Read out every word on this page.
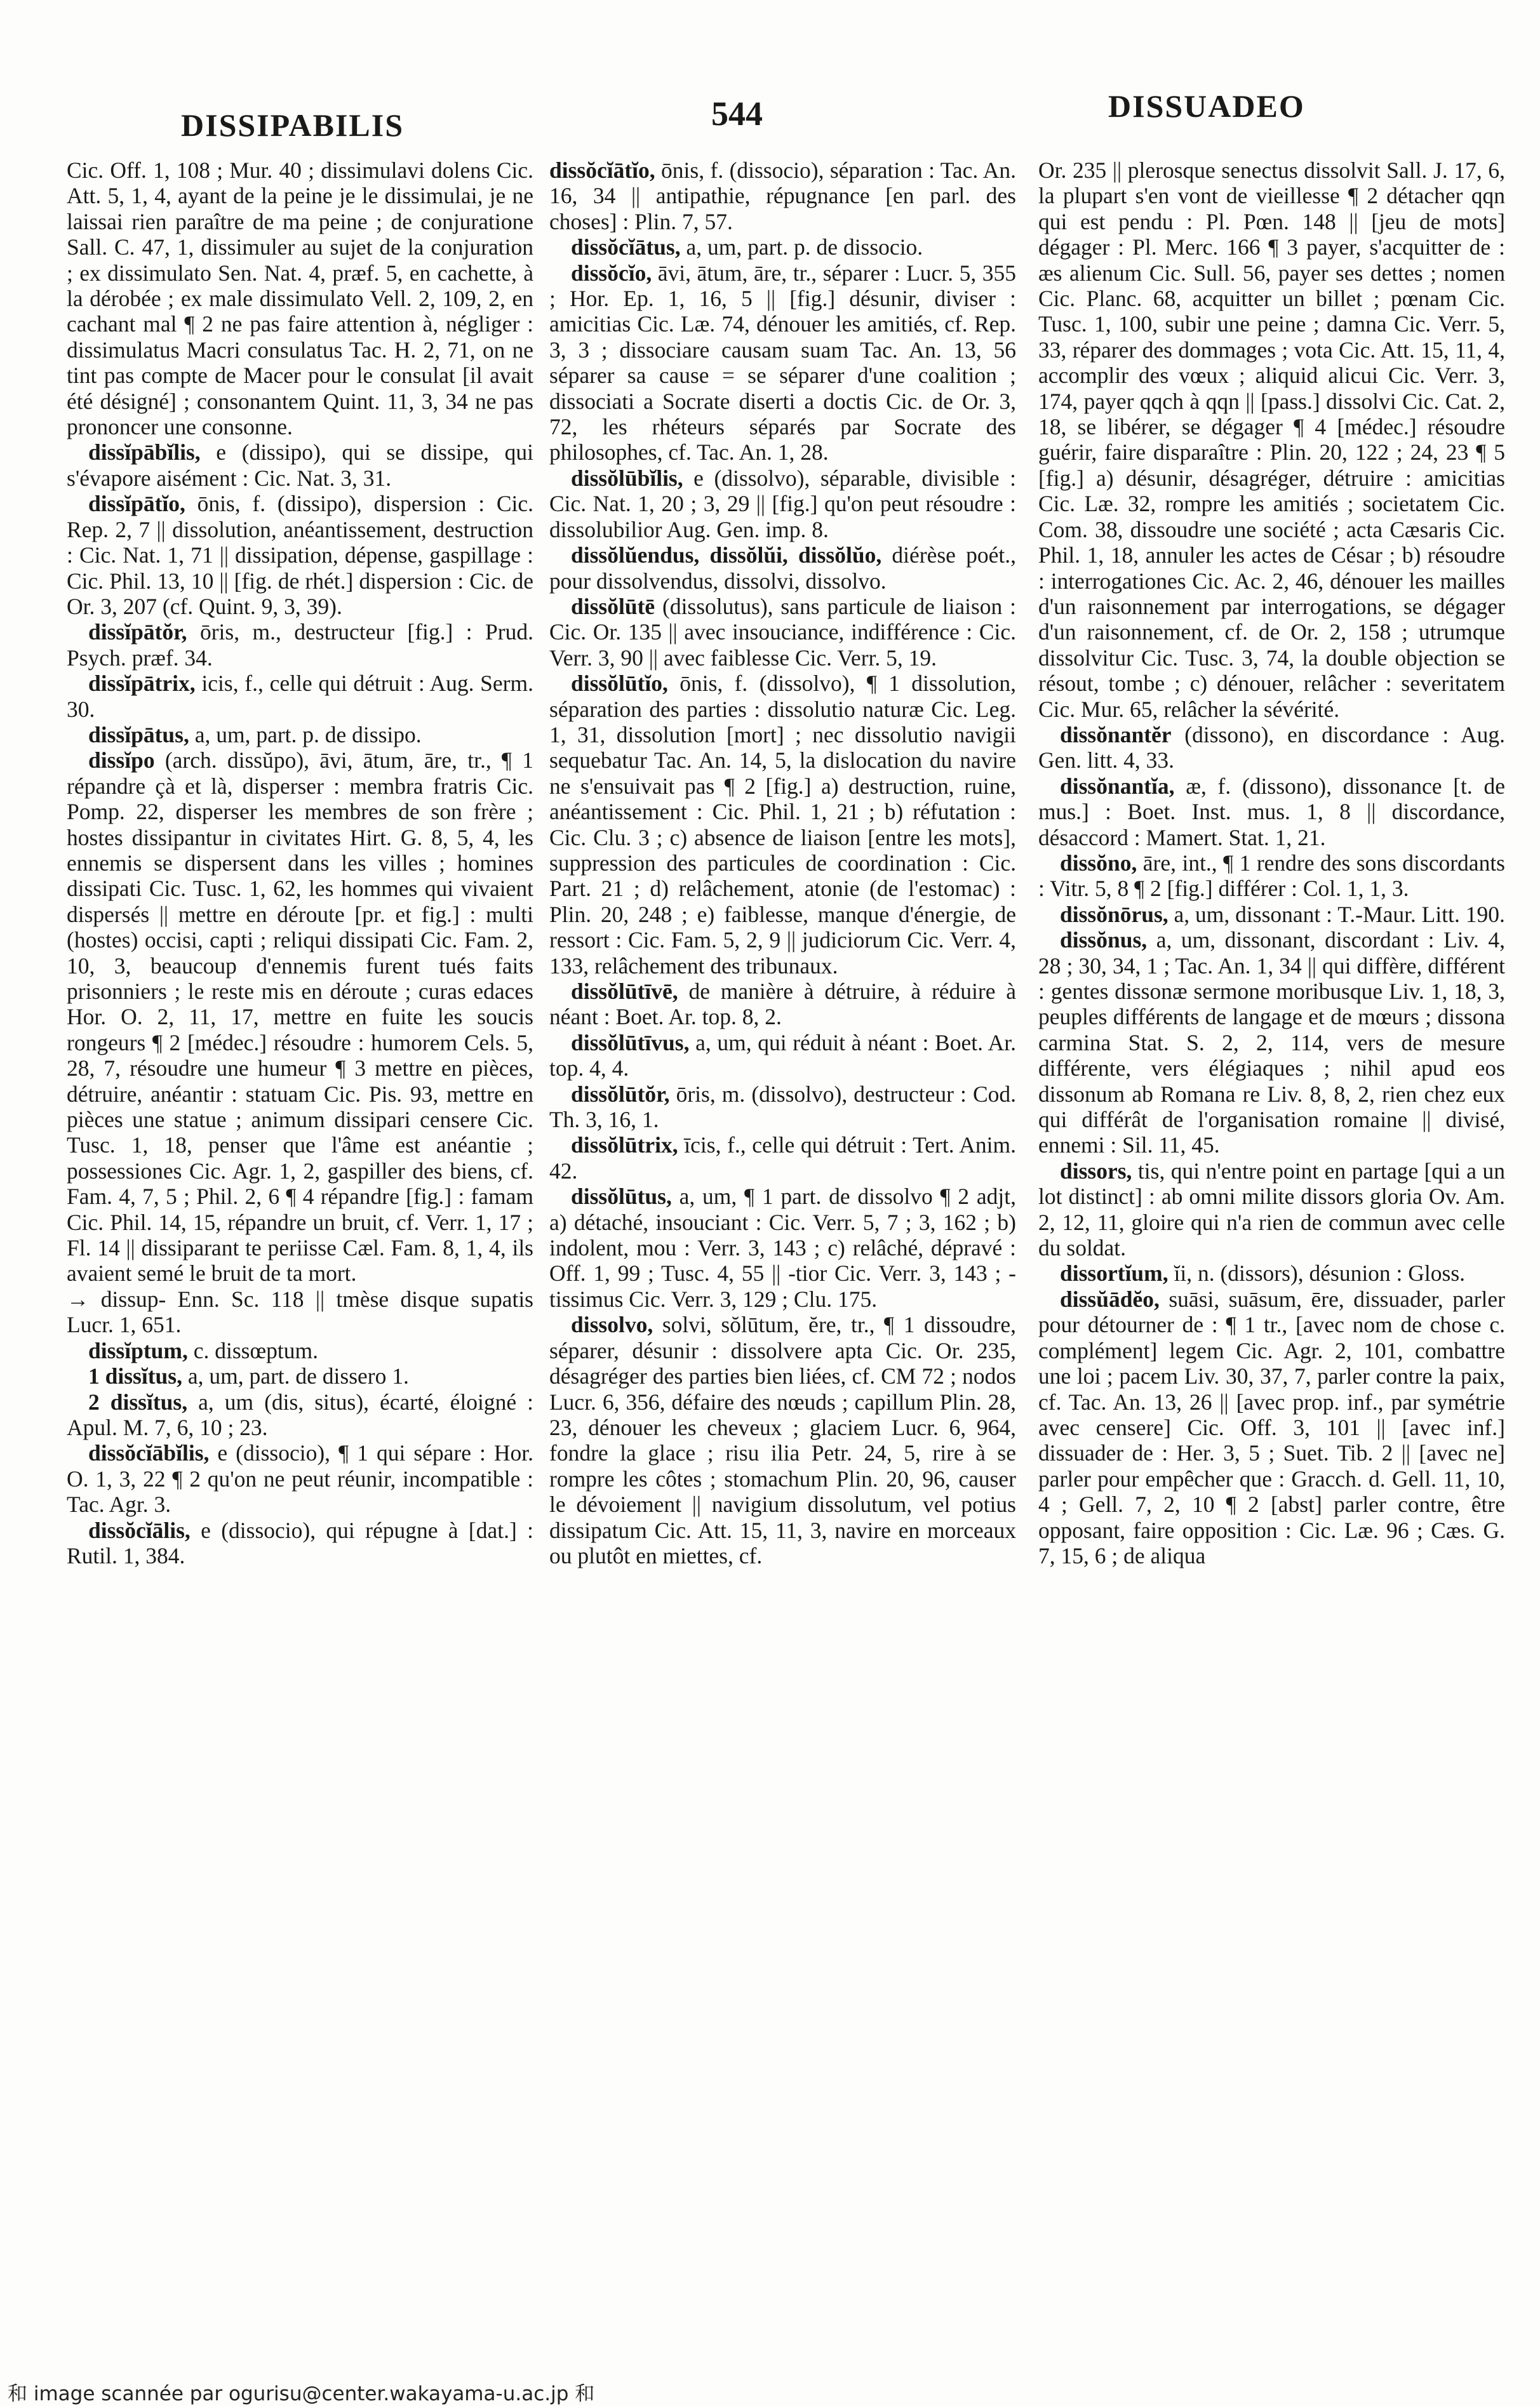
DISSIPABILIS	544	DISSUADEO

Cic. Off. 1, 108 ; Mur. 40 ; dissimulavi dolens Cic. Att. 5, 1, 4, ayant de la peine je le dissimulai, je ne laissai rien paraître de ma peine ; de conjuratione Sall. C. 47, 1, dissimuler au sujet de la conjuration ; ex dissimulato Sen. Nat. 4, præf. 5, en cachette, à la dérobée ; ex male dissimulato Vell. 2, 109, 2, en cachant mal ¶ 2 ne pas faire attention à, négliger : dissimulatus Macri consulatus Tac. H. 2, 71, on ne tint pas compte de Macer pour le consulat [il avait été désigné] ; consonantem Quint. 11, 3, 34 ne pas prononcer une consonne.

dissĭpābĭlis, e (dissipo), qui se dissipe, qui s'évapore aisément : Cic. Nat. 3, 31.

dissĭpātĭo, ōnis, f. (dissipo), dispersion : Cic. Rep. 2, 7 || dissolution, anéantissement, destruction : Cic. Nat. 1, 71 || dissipation, dépense, gaspillage : Cic. Phil. 13, 10 || [fig. de rhét.] dispersion : Cic. de Or. 3, 207 (cf. Quint. 9, 3, 39).

dissĭpātŏr, ōris, m., destructeur [fig.] : Prud. Psych. præf. 34.

dissĭpātrix, icis, f., celle qui détruit : Aug. Serm. 30.

dissĭpātus, a, um, part. p. de dissipo.

dissĭpo (arch. dissŭpo), āvi, ātum, āre, tr., ¶ 1 répandre çà et là, disperser : membra fratris Cic. Pomp. 22, disperser les membres de son frère ; hostes dissipantur in civitates Hirt. G. 8, 5, 4, les ennemis se dispersent dans les villes ; homines dissipati Cic. Tusc. 1, 62, les hommes qui vivaient dispersés || mettre en déroute [pr. et fig.] : multi (hostes) occisi, capti ; reliqui dissipati Cic. Fam. 2, 10, 3, beaucoup d'ennemis furent tués faits prisonniers ; le reste mis en déroute ; curas edaces Hor. O. 2, 11, 17, mettre en fuite les soucis rongeurs ¶ 2 [médec.] résoudre : humorem Cels. 5, 28, 7, résoudre une humeur ¶ 3 mettre en pièces, détruire, anéantir : statuam Cic. Pis. 93, mettre en pièces une statue ; animum dissipari censere Cic. Tusc. 1, 18, penser que l'âme est anéantie ; possessiones Cic. Agr. 1, 2, gaspiller des biens, cf. Fam. 4, 7, 5 ; Phil. 2, 6 ¶ 4 répandre [fig.] : famam Cic. Phil. 14, 15, répandre un bruit, cf. Verr. 1, 17 ; Fl. 14 || dissiparant te periisse Cæl. Fam. 8, 1, 4, ils avaient semé le bruit de ta mort.

→ dissup- Enn. Sc. 118 || tmèse disque supatis Lucr. 1, 651.

dissĭptum, c. dissœptum.

1 dissĭtus, a, um, part. de dissero 1.

2 dissĭtus, a, um (dis, situs), écarté, éloigné : Apul. M. 7, 6, 10 ; 23.

dissŏcĭābĭlis, e (dissocio), ¶ 1 qui sépare : Hor. O. 1, 3, 22 ¶ 2 qu'on ne peut réunir, incompatible : Tac. Agr. 3.

dissŏcĭālis, e (dissocio), qui répugne à [dat.] : Rutil. 1, 384.

dissŏcĭātĭo, ōnis, f. (dissocio), séparation : Tac. An. 16, 34 || antipathie, répugnance [en parl. des choses] : Plin. 7, 57.

dissŏcĭātus, a, um, part. p. de dissocio.

dissŏcĭo, āvi, ātum, āre, tr., séparer : Lucr. 5, 355 ; Hor. Ep. 1, 16, 5 || [fig.] désunir, diviser : amicitias Cic. Læ. 74, dénouer les amitiés, cf. Rep. 3, 3 ; dissociare causam suam Tac. An. 13, 56 séparer sa cause = se séparer d'une coalition ; dissociati a Socrate diserti a doctis Cic. de Or. 3, 72, les rhéteurs séparés par Socrate des philosophes, cf. Tac. An. 1, 28.

dissŏlūbĭlis, e (dissolvo), séparable, divisible : Cic. Nat. 1, 20 ; 3, 29 || [fig.] qu'on peut résoudre : dissolubilior Aug. Gen. imp. 8.

dissŏlŭendus, dissŏlŭi, dissŏlŭo, diérèse poét., pour dissolvendus, dissolvi, dissolvo.

dissŏlūtē (dissolutus), sans particule de liaison : Cic. Or. 135 || avec insouciance, indifférence : Cic. Verr. 3, 90 || avec faiblesse Cic. Verr. 5, 19.

dissŏlūtĭo, ōnis, f. (dissolvo), ¶ 1 dissolution, séparation des parties : dissolutio naturæ Cic. Leg. 1, 31, dissolution [mort] ; nec dissolutio navigii sequebatur Tac. An. 14, 5, la dislocation du navire ne s'ensuivait pas ¶ 2 [fig.] a) destruction, ruine, anéantissement : Cic. Phil. 1, 21 ; b) réfutation : Cic. Clu. 3 ; c) absence de liaison [entre les mots], suppression des particules de coordination : Cic. Part. 21 ; d) relâchement, atonie (de l'estomac) : Plin. 20, 248 ; e) faiblesse, manque d'énergie, de ressort : Cic. Fam. 5, 2, 9 || judiciorum Cic. Verr. 4, 133, relâchement des tribunaux.

dissŏlūtīvē, de manière à détruire, à réduire à néant : Boet. Ar. top. 8, 2.

dissŏlūtīvus, a, um, qui réduit à néant : Boet. Ar. top. 4, 4.

dissŏlūtŏr, ōris, m. (dissolvo), destructeur : Cod. Th. 3, 16, 1.

dissŏlūtrix, īcis, f., celle qui détruit : Tert. Anim. 42.

dissŏlūtus, a, um, ¶ 1 part. de dissolvo ¶ 2 adjt, a) détaché, insouciant : Cic. Verr. 5, 7 ; 3, 162 ; b) indolent, mou : Verr. 3, 143 ; c) relâché, dépravé : Off. 1, 99 ; Tusc. 4, 55 || -tior Cic. Verr. 3, 143 ; -tissimus Cic. Verr. 3, 129 ; Clu. 175.

dissolvo, solvi, sŏlūtum, ĕre, tr., ¶ 1 dissoudre, séparer, désunir : dissolvere apta Cic. Or. 235, désagréger des parties bien liées, cf. CM 72 ; nodos Lucr. 6, 356, défaire des nœuds ; capillum Plin. 28, 23, dénouer les cheveux ; glaciem Lucr. 6, 964, fondre la glace ; risu ilia Petr. 24, 5, rire à se rompre les côtes ; stomachum Plin. 20, 96, causer le dévoiement || navigium dissolutum, vel potius dissipatum Cic. Att. 15, 11, 3, navire en morceaux ou plutôt en miettes, cf.

Or. 235 || plerosque senectus dissolvit Sall. J. 17, 6, la plupart s'en vont de vieillesse ¶ 2 détacher qqn qui est pendu : Pl. Pœn. 148 || [jeu de mots] dégager : Pl. Merc. 166 ¶ 3 payer, s'acquitter de : æs alienum Cic. Sull. 56, payer ses dettes ; nomen Cic. Planc. 68, acquitter un billet ; pœnam Cic. Tusc. 1, 100, subir une peine ; damna Cic. Verr. 5, 33, réparer des dommages ; vota Cic. Att. 15, 11, 4, accomplir des vœux ; aliquid alicui Cic. Verr. 3, 174, payer qqch à qqn || [pass.] dissolvi Cic. Cat. 2, 18, se libérer, se dégager ¶ 4 [médec.] résoudre guérir, faire disparaître : Plin. 20, 122 ; 24, 23 ¶ 5 [fig.] a) désunir, désagréger, détruire : amicitias Cic. Læ. 32, rompre les amitiés ; societatem Cic. Com. 38, dissoudre une société ; acta Cæsaris Cic. Phil. 1, 18, annuler les actes de César ; b) résoudre : interrogationes Cic. Ac. 2, 46, dénouer les mailles d'un raisonnement par interrogations, se dégager d'un raisonnement, cf. de Or. 2, 158 ; utrumque dissolvitur Cic. Tusc. 3, 74, la double objection se résout, tombe ; c) dénouer, relâcher : severitatem Cic. Mur. 65, relâcher la sévérité.

dissŏnantĕr (dissono), en discordance : Aug. Gen. litt. 4, 33.

dissŏnantĭa, æ, f. (dissono), dissonance [t. de mus.] : Boet. Inst. mus. 1, 8 || discordance, désaccord : Mamert. Stat. 1, 21.

dissŏno, āre, int., ¶ 1 rendre des sons discordants : Vitr. 5, 8 ¶ 2 [fig.] différer : Col. 1, 1, 3.

dissŏnōrus, a, um, dissonant : T.-Maur. Litt. 190.

dissŏnus, a, um, dissonant, discordant : Liv. 4, 28 ; 30, 34, 1 ; Tac. An. 1, 34 || qui diffère, différent : gentes dissonæ sermone moribusque Liv. 1, 18, 3, peuples différents de langage et de mœurs ; dissona carmina Stat. S. 2, 2, 114, vers de mesure différente, vers élégiaques ; nihil apud eos dissonum ab Romana re Liv. 8, 8, 2, rien chez eux qui différât de l'organisation romaine || divisé, ennemi : Sil. 11, 45.

dissors, tis, qui n'entre point en partage [qui a un lot distinct] : ab omni milite dissors gloria Ov. Am. 2, 12, 11, gloire qui n'a rien de commun avec celle du soldat.

dissortĭum, ĭi, n. (dissors), désunion : Gloss.

dissŭādĕo, suāsi, suāsum, ēre, dissuader, parler pour détourner de : ¶ 1 tr., [avec nom de chose c. complément] legem Cic. Agr. 2, 101, combattre une loi ; pacem Liv. 30, 37, 7, parler contre la paix, cf. Tac. An. 13, 26 || [avec prop. inf., par symétrie avec censere] Cic. Off. 3, 101 || [avec inf.] dissuader de : Her. 3, 5 ; Suet. Tib. 2 || [avec ne] parler pour empêcher que : Gracch. d. Gell. 11, 10, 4 ; Gell. 7, 2, 10 ¶ 2 [abst] parler contre, être opposant, faire opposition : Cic. Læ. 96 ; Cæs. G. 7, 15, 6 ; de aliqua

和 image scannée par ogurisu@center.wakayama-u.ac.jp 和
